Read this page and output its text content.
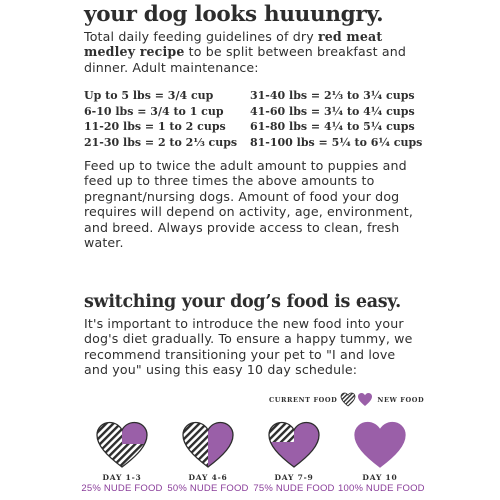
your dog looks huuungry.
Total daily feeding guidelines of dry red meat medley recipe to be split between breakfast and dinner. Adult maintenance:
Up to 5 lbs = 3/4 cup	31-40 lbs = 2⅓ to 3¼ cups
6-10 lbs = 3/4 to 1 cup	41-60 lbs = 3¼ to 4¼ cups
11-20 lbs = 1 to 2 cups	61-80 lbs = 4¼ to 5¼ cups
21-30 lbs = 2 to 2⅓ cups	81-100 lbs = 5¼ to 6¼ cups
Feed up to twice the adult amount to puppies and feed up to three times the above amounts to pregnant/nursing dogs. Amount of food your dog requires will depend on activity, age, environment, and breed. Always provide access to clean, fresh water.
switching your dog’s food is easy.
It's important to introduce the new food into your dog's diet gradually. To ensure a happy tummy, we recommend transitioning your pet to "I and love and you" using this easy 10 day schedule:
CURRENT FOOD	NEW FOOD
DAY 1-3
25% NUDE FOOD
DAY 4-6
50% NUDE FOOD
DAY 7-9
75% NUDE FOOD
DAY 10
100% NUDE FOOD
